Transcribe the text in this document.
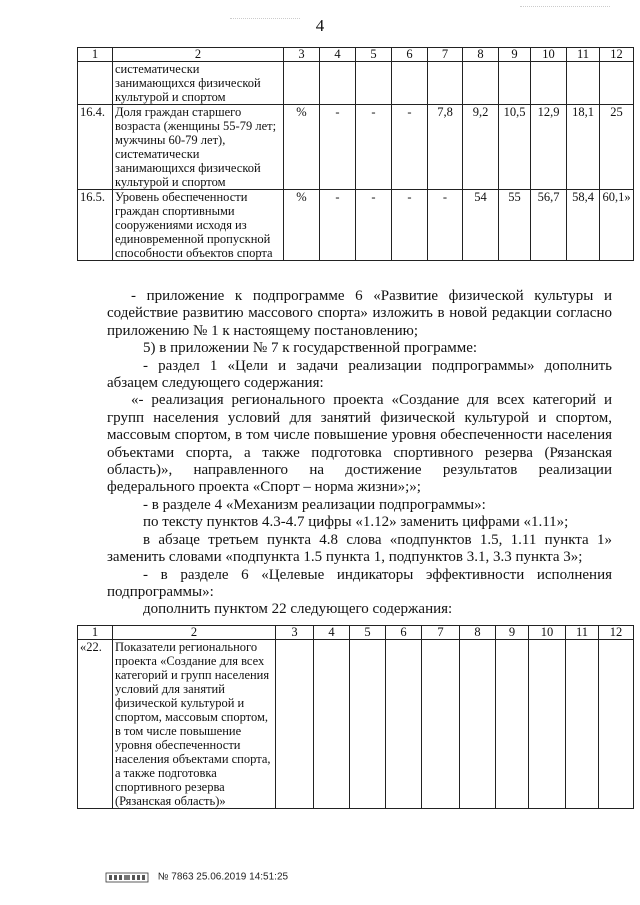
4
1	2	3	4	5	6	7	8	9	10	11	12
	систематически занимающихся физической культурой и спортом										
16.4.	Доля граждан старшего возраста (женщины 55-79 лет; мужчины 60-79 лет), систематически занимающихся физической культурой и спортом	%	-	-	-	7,8	9,2	10,5	12,9	18,1	25
16.5.	Уровень обеспеченности граждан спортивными сооружениями исходя из единовременной пропускной способности объектов спорта	%	-	-	-	-	54	55	56,7	58,4	60,1»

- приложение к подпрограмме 6 «Развитие физической культуры и содействие развитию массового спорта» изложить в новой редакции согласно приложению № 1 к настоящему постановлению;

5) в приложении № 7 к государственной программе:

- раздел 1 «Цели и задачи реализации подпрограммы» дополнить абзацем следующего содержания:

«- реализация регионального проекта «Создание для всех категорий и групп населения условий для занятий физической культурой и спортом, массовым спортом, в том числе повышение уровня обеспеченности населения объектами спорта, а также подготовка спортивного резерва (Рязанская область)», направленного на достижение результатов реализации федерального проекта «Спорт – норма жизни»;»;

- в разделе 4 «Механизм реализации подпрограммы»:

по тексту пунктов 4.3-4.7 цифры «1.12» заменить цифрами «1.11»;

в абзаце третьем пункта 4.8 слова «подпунктов 1.5, 1.11 пункта 1» заменить словами «подпункта 1.5 пункта 1, подпунктов 3.1, 3.3 пункта 3»;

- в разделе 6 «Целевые индикаторы эффективности исполнения подпрограммы»:

дополнить пунктом 22 следующего содержания:

1	2	3	4	5	6	7	8	9	10	11	12
«22.	Показатели регионального проекта «Создание для всех категорий и групп населения условий для занятий физической культурой и спортом, массовым спортом, в том числе повышение уровня обеспеченности населения объектами спорта, а также подготовка спортивного резерва (Рязанская область)»										
№ 7863 25.06.2019 14:51:25
